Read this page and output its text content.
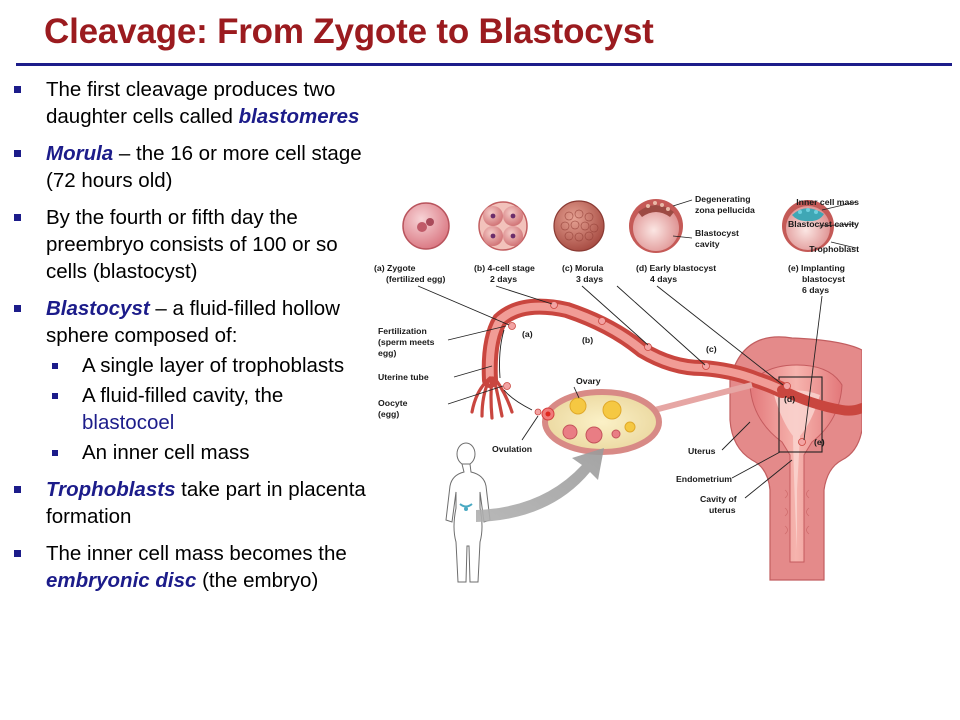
Cleavage: From Zygote to Blastocyst
The first cleavage produces two daughter cells called blastomeres
Morula – the 16 or more cell stage (72 hours old)
By the fourth or fifth day the preembryo consists of 100 or so cells (blastocyst)
Blastocyst – a fluid-filled hollow sphere composed of:
A single layer of trophoblasts
A fluid-filled cavity, the blastocoel
An inner cell mass
Trophoblasts take part in placenta formation
The inner cell mass becomes the embryonic disc (the embryo)
(a) Zygote
(fertilized egg)
(b) 4-cell stage
2 days
(c) Morula
3 days
(d) Early blastocyst
4 days
(e) Implanting
blastocyst
6 days
Degenerating
zona pellucida
Blastocyst
cavity
Inner cell mass
Blastocyst cavity
Trophoblast
(a)
(b)
(c)
(d)
(e)
Fertilization
(sperm meets
egg)
Uterine tube
Oocyte
(egg)
Ovary
Ovulation	Uterus
Endometrium
Cavity of
uterus
